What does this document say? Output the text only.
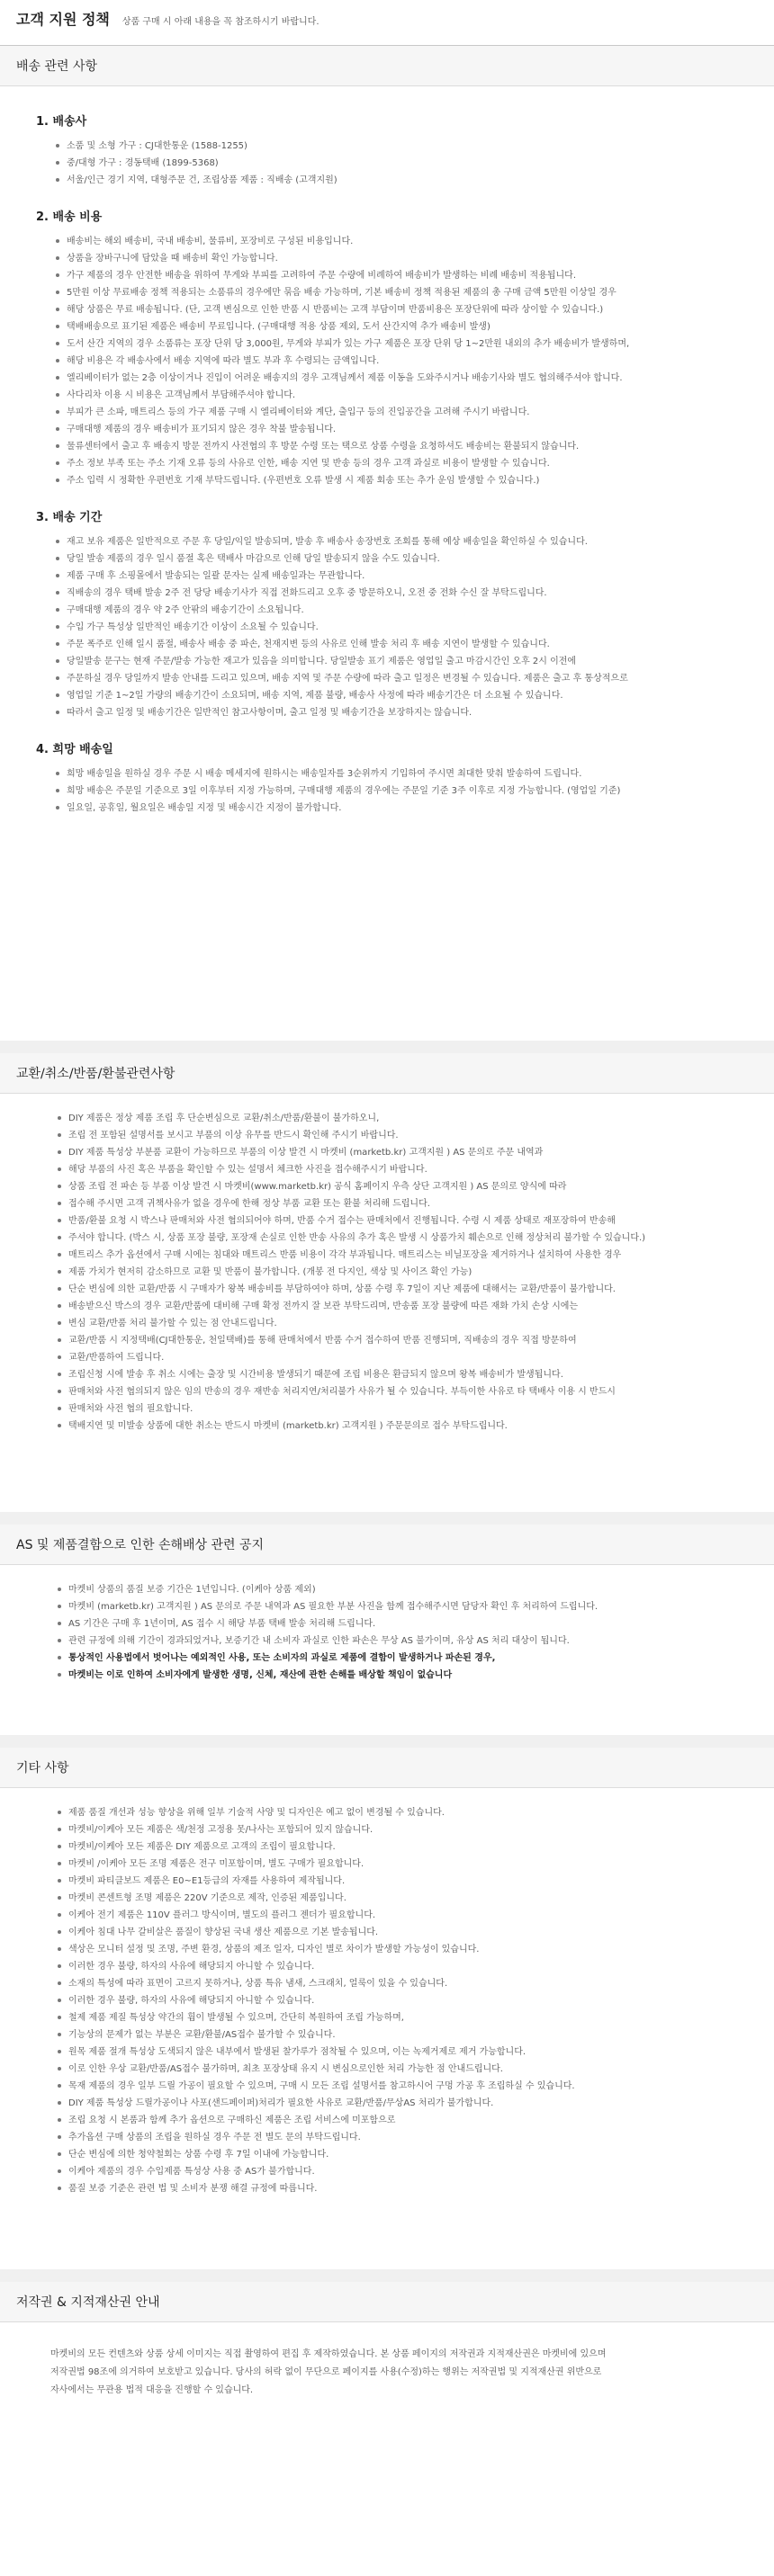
고객 지원 정책 상품 구매 시 아래 내용을 꼭 참조하시기 바랍니다.
배송 관련 사항
1. 배송사
소품 및 소형 가구 : CJ대한통운 (1588-1255)
중/대형 가구 : 경동택배 (1899-5368)
서울/인근 경기 지역, 대형주문 건, 조립상품 제품 : 직배송 (고객지원)
2. 배송 비용
배송비는 해외 배송비, 국내 배송비, 물류비, 포장비로 구성된 비용입니다.
상품을 장바구니에 담았을 때 배송비 확인 가능합니다.
가구 제품의 경우 안전한 배송을 위하여 무게와 부피를 고려하여 주문 수량에 비례하여 배송비가 발생하는 비례 배송비 적용됩니다.
5만원 이상 무료배송 정책 적용되는 소품류의 경우에만 묶음 배송 가능하며, 기본 배송비 정책 적용된 제품의 총 구매 금액 5만원 이상일 경우
해당 상품은 무료 배송됩니다. (단, 고객 변심으로 인한 반품 시 반품비는 고객 부담이며 반품비용은 포장단위에 따라 상이할 수 있습니다.)
택배배송으로 표기된 제품은 배송비 무료입니다. (구매대행 적용 상품 제외, 도서 산간지역 추가 배송비 발생)
도서 산간 지역의 경우 소품류는 포장 단위 당 3,000원, 무게와 부피가 있는 가구 제품은 포장 단위 당 1~2만원 내외의 추가 배송비가 발생하며,
해당 비용은 각 배송사에서 배송 지역에 따라 별도 부과 후 수령되는 금액입니다.
엘리베이터가 없는 2층 이상이거나 진입이 어려운 배송지의 경우 고객님께서 제품 이동을 도와주시거나 배송기사와 별도 협의해주셔야 합니다.
사다리차 이용 시 비용은 고객님께서 부담해주셔야 합니다.
부피가 큰 소파, 매트리스 등의 가구 제품 구매 시 엘리베이터와 계단, 출입구 등의 진입공간을 고려해 주시기 바랍니다.
구매대행 제품의 경우 배송비가 표기되지 않은 경우 착불 발송됩니다.
물류센터에서 출고 후 배송지 방문 전까지 사전협의 후 방문 수령 또는 택으로 상품 수령을 요청하셔도 배송비는 환불되지 않습니다.
주소 정보 부족 또는 주소 기재 오류 등의 사유로 인한, 배송 지연 및 반송 등의 경우 고객 과실로 비용이 발생할 수 있습니다.
주소 입력 시 정확한 우편번호 기재 부탁드립니다. (우편번호 오류 발생 시 제품 회송 또는 추가 운임 발생할 수 있습니다.)
3. 배송 기간
재고 보유 제품은 일반적으로 주문 후 당일/익일 발송되며, 발송 후 배송사 송장번호 조회를 통해 예상 배송일을 확인하실 수 있습니다.
당일 발송 제품의 경우 일시 품절 혹은 택배사 마감으로 인해 당일 발송되지 않을 수도 있습니다.
제품 구매 후 소핑몰에서 발송되는 일괄 문자는 실제 배송일과는 무관합니다.
직배송의 경우 택배 발송 2주 전 당당 배송기사가 직접 전화드리고 오후 중 방문하오니, 오전 중 전화 수신 잘 부탁드립니다.
구매대행 제품의 경우 약 2주 안팎의 배송기간이 소요됩니다.
수입 가구 특성상 일반적인 배송기간 이상이 소요될 수 있습니다.
주문 폭주로 인해 일시 품절, 배송사 배송 중 파손, 천재지변 등의 사유로 인해 발송 처리 후 배송 지연이 발생할 수 있습니다.
당일발송 문구는 현재 주문/발송 가능한 재고가 있음을 의미합니다. 당일발송 표기 제품은 영업일 출고 마감시간인 오후 2시 이전에
주문하실 경우 당일까지 발송 안내를 드리고 있으며, 배송 지역 및 주문 수량에 따라 출고 일정은 변경될 수 있습니다. 제품은 출고 후 통상적으로
영업일 기준 1~2일 가량의 배송기간이 소요되며, 배송 지역, 제품 불량, 배송사 사정에 따라 배송기간은 더 소요될 수 있습니다.
따라서 출고 일정 및 배송기간은 일반적인 참고사항이며, 출고 일정 및 배송기간을 보장하지는 않습니다.
4. 희망 배송일
희망 배송일을 원하실 경우 주문 시 배송 메세지에 원하시는 배송일자를 3순위까지 기입하여 주시면 최대한 맞춰 발송하여 드립니다.
희망 배송은 주문일 기준으로 3일 이후부터 지정 가능하며, 구매대행 제품의 경우에는 주문일 기준 3주 이후로 지정 가능합니다. (영업일 기준)
일요일, 공휴일, 월요일은 배송일 지정 및 배송시간 지정이 불가합니다.
교환/취소/반품/환불관련사항
DIY 제품은 정상 제품 조립 후 단순변심으로 교환/취소/반품/환불이 불가하오니,
조립 전 포함된 설명서를 보시고 부품의 이상 유무를 반드시 확인해 주시기 바랍니다.
DIY 제품 특성상 부분품 교환이 가능하므로 부품의 이상 발견 시 마켓비 (marketb.kr) 고객지원 ) AS 문의로 주문 내역과
해당 부품의 사진 혹은 부품을 확인할 수 있는 설명서 체크한 사진을 접수해주시기 바랍니다.
상품 조립 전 파손 등 부품 이상 발견 시 마켓비(www.marketb.kr) 공식 홈페이지 우측 상단 고객지원 ) AS 문의로 양식에 따라
접수해 주시면 고객 귀책사유가 없을 경우에 한해 정상 부품 교환 또는 환불 처리해 드립니다.
반품/환불 요청 시 박스나 판매처와 사전 협의되어야 하며, 반품 수거 접수는 판매처에서 진행됩니다. 수령 시 제품 상태로 재포장하여 반송해
주셔야 합니다. (박스 시, 상품 포장 불량, 포장재 손실로 인한 반송 사유의 추가 혹은 발생 시 상품가치 훼손으로 인해 정상처리 불가할 수 있습니다.)
매트리스 추가 옵션에서 구매 시에는 침대와 매트리스 반품 비용이 각각 부과됩니다. 매트리스는 비닐포장을 제거하거나 설치하여 사용한 경우
제품 가치가 현저히 감소하므로 교환 및 반품이 불가합니다. (개봉 전 다지인, 색상 및 사이즈 확인 가능)
단순 변심에 의한 교환/반품 시 구매자가 왕복 배송비를 부담하여야 하며, 상품 수령 후 7일이 지난 제품에 대해서는 교환/반품이 불가합니다.
배송받으신 박스의 경우 교환/반품에 대비해 구매 확정 전까지 잘 보관 부탁드리며, 반송품 포장 불량에 따른 재화 가치 손상 시에는
변심 교환/반품 처리 불가할 수 있는 점 안내드립니다.
교환/반품 시 지정택배(CJ대한통운, 천일택배)를 통해 판매처에서 반품 수거 접수하여 반품 진행되며, 직배송의 경우 직접 방문하여
교환/반품하여 드립니다.
조립신청 시에 발송 후 취소 시에는 출장 및 시간비용 발생되기 때문에 조립 비용은 환급되지 않으며 왕복 배송비가 발생됩니다.
판매처와 사전 협의되지 않은 임의 반송의 경우 재반송 처리지연/처리불가 사유가 될 수 있습니다. 부득이한 사유로 타 택배사 이용 시 반드시
판매처와 사전 협의 필요합니다.
택배지연 및 미발송 상품에 대한 취소는 반드시 마켓비 (marketb.kr) 고객지원 ) 주문문의로 접수 부탁드립니다.
AS 및 제품결함으로 인한 손해배상 관련 공지
마켓비 상품의 품질 보증 기간은 1년입니다. (이케아 상품 제외)
마켓비 (marketb.kr) 고객지원 ) AS 문의로 주문 내역과 AS 필요한 부분 사진을 함께 접수해주시면 담당자 확인 후 처리하여 드립니다.
AS 기간은 구매 후 1년이며, AS 접수 시 해당 부품 택배 발송 처리해 드립니다.
관련 규정에 의해 기간이 경과되었거나, 보증기간 내 소비자 과실로 인한 파손은 무상 AS 불가이며, 유상 AS 처리 대상이 됩니다.
통상적인 사용법에서 벗어나는 예외적인 사용, 또는 소비자의 과실로 제품에 결함이 발생하거나 파손된 경우,
마켓비는 이로 인하여 소비자에게 발생한 생명, 신체, 재산에 관한 손해를 배상할 책임이 없습니다
기타 사항
제품 품질 개선과 성능 향상을 위해 일부 기술적 사양 및 디자인은 예고 없이 변경될 수 있습니다.
마켓비/이케아 모든 제품은 색/천정 고정용 못/나사는 포함되어 있지 않습니다.
마켓비/이케아 모든 제품은 DIY 제품으로 고객의 조립이 필요합니다.
마켓비 /이케아 모든 조명 제품은 전구 미포함이며, 별도 구매가 필요합니다.
마켓비 파티클보드 제품은 E0~E1등급의 자재를 사용하여 제작됩니다.
마켓비 콘센트형 조명 제품은 220V 기준으로 제작, 인증된 제품입니다.
이케아 전기 제품은 110V 플러그 방식이며, 별도의 플러그 젠더가 필요합니다.
이케아 침대 나무 갈비살은 품질이 향상된 국내 생산 제품으로 기본 발송됩니다.
색상은 모니터 설정 및 조명, 주변 환경, 상품의 제조 일자, 디자인 별로 차이가 발생할 가능성이 있습니다.
이러한 경우 불량, 하자의 사유에 해당되지 아니할 수 있습니다.
소재의 특성에 따라 표면이 고르지 못하거나, 상품 특유 냄새, 스크래치, 얼룩이 있을 수 있습니다.
이러한 경우 불량, 하자의 사유에 해당되지 아니할 수 있습니다.
철제 제품 제질 특성상 약간의 휨이 발생될 수 있으며, 간단히 복원하여 조립 가능하며,
기능상의 문제가 없는 부분은 교환/환불/AS접수 불가할 수 있습니다.
원목 제품 절개 특성상 도색되지 않은 내부에서 발생된 찰가루가 점착될 수 있으며, 이는 녹제거제로 제거 가능합니다.
이로 인한 우상 교환/반품/AS접수 불가하며, 최초 포장상태 유지 시 변심으로인한 처리 가능한 점 안내드립니다.
목재 제품의 경우 일부 드릴 가공이 필요할 수 있으며, 구매 시 모든 조립 설명서를 참고하시어 구멍 가공 후 조립하실 수 있습니다.
DIY 제품 특성상 드릴가공이나 사포(샌드페이퍼)처리가 필요한 사유로 교환/반품/무상AS 처리가 불가합니다.
조립 요청 시 본품과 함께 추가 옵션으로 구매하신 제품은 조립 서비스에 미포함으로
추가옵션 구매 상품의 조립을 원하실 경우 주문 전 별도 문의 부탁드립니다.
단순 변심에 의한 청약철회는 상품 수령 후 7일 이내에 가능합니다.
이케아 제품의 경우 수입제품 특성상 사용 중 AS가 불가합니다.
품질 보증 기준은 관련 법 및 소비자 분쟁 해결 규정에 따릅니다.
저작권 & 지적재산권 안내
마켓비의 모든 컨텐츠와 상품 상세 이미지는 직접 촬영하여 편집 후 제작하였습니다. 본 상품 페이지의 저작권과 지적재산권은 마켓비에 있으며
저작권법 98조에 의거하여 보호받고 있습니다. 당사의 허락 없이 무단으로 페이지를 사용(수정)하는 행위는 저작권법 및 지적재산권 위반으로
자사에서는 무관용 법적 대응을 진행할 수 있습니다.
